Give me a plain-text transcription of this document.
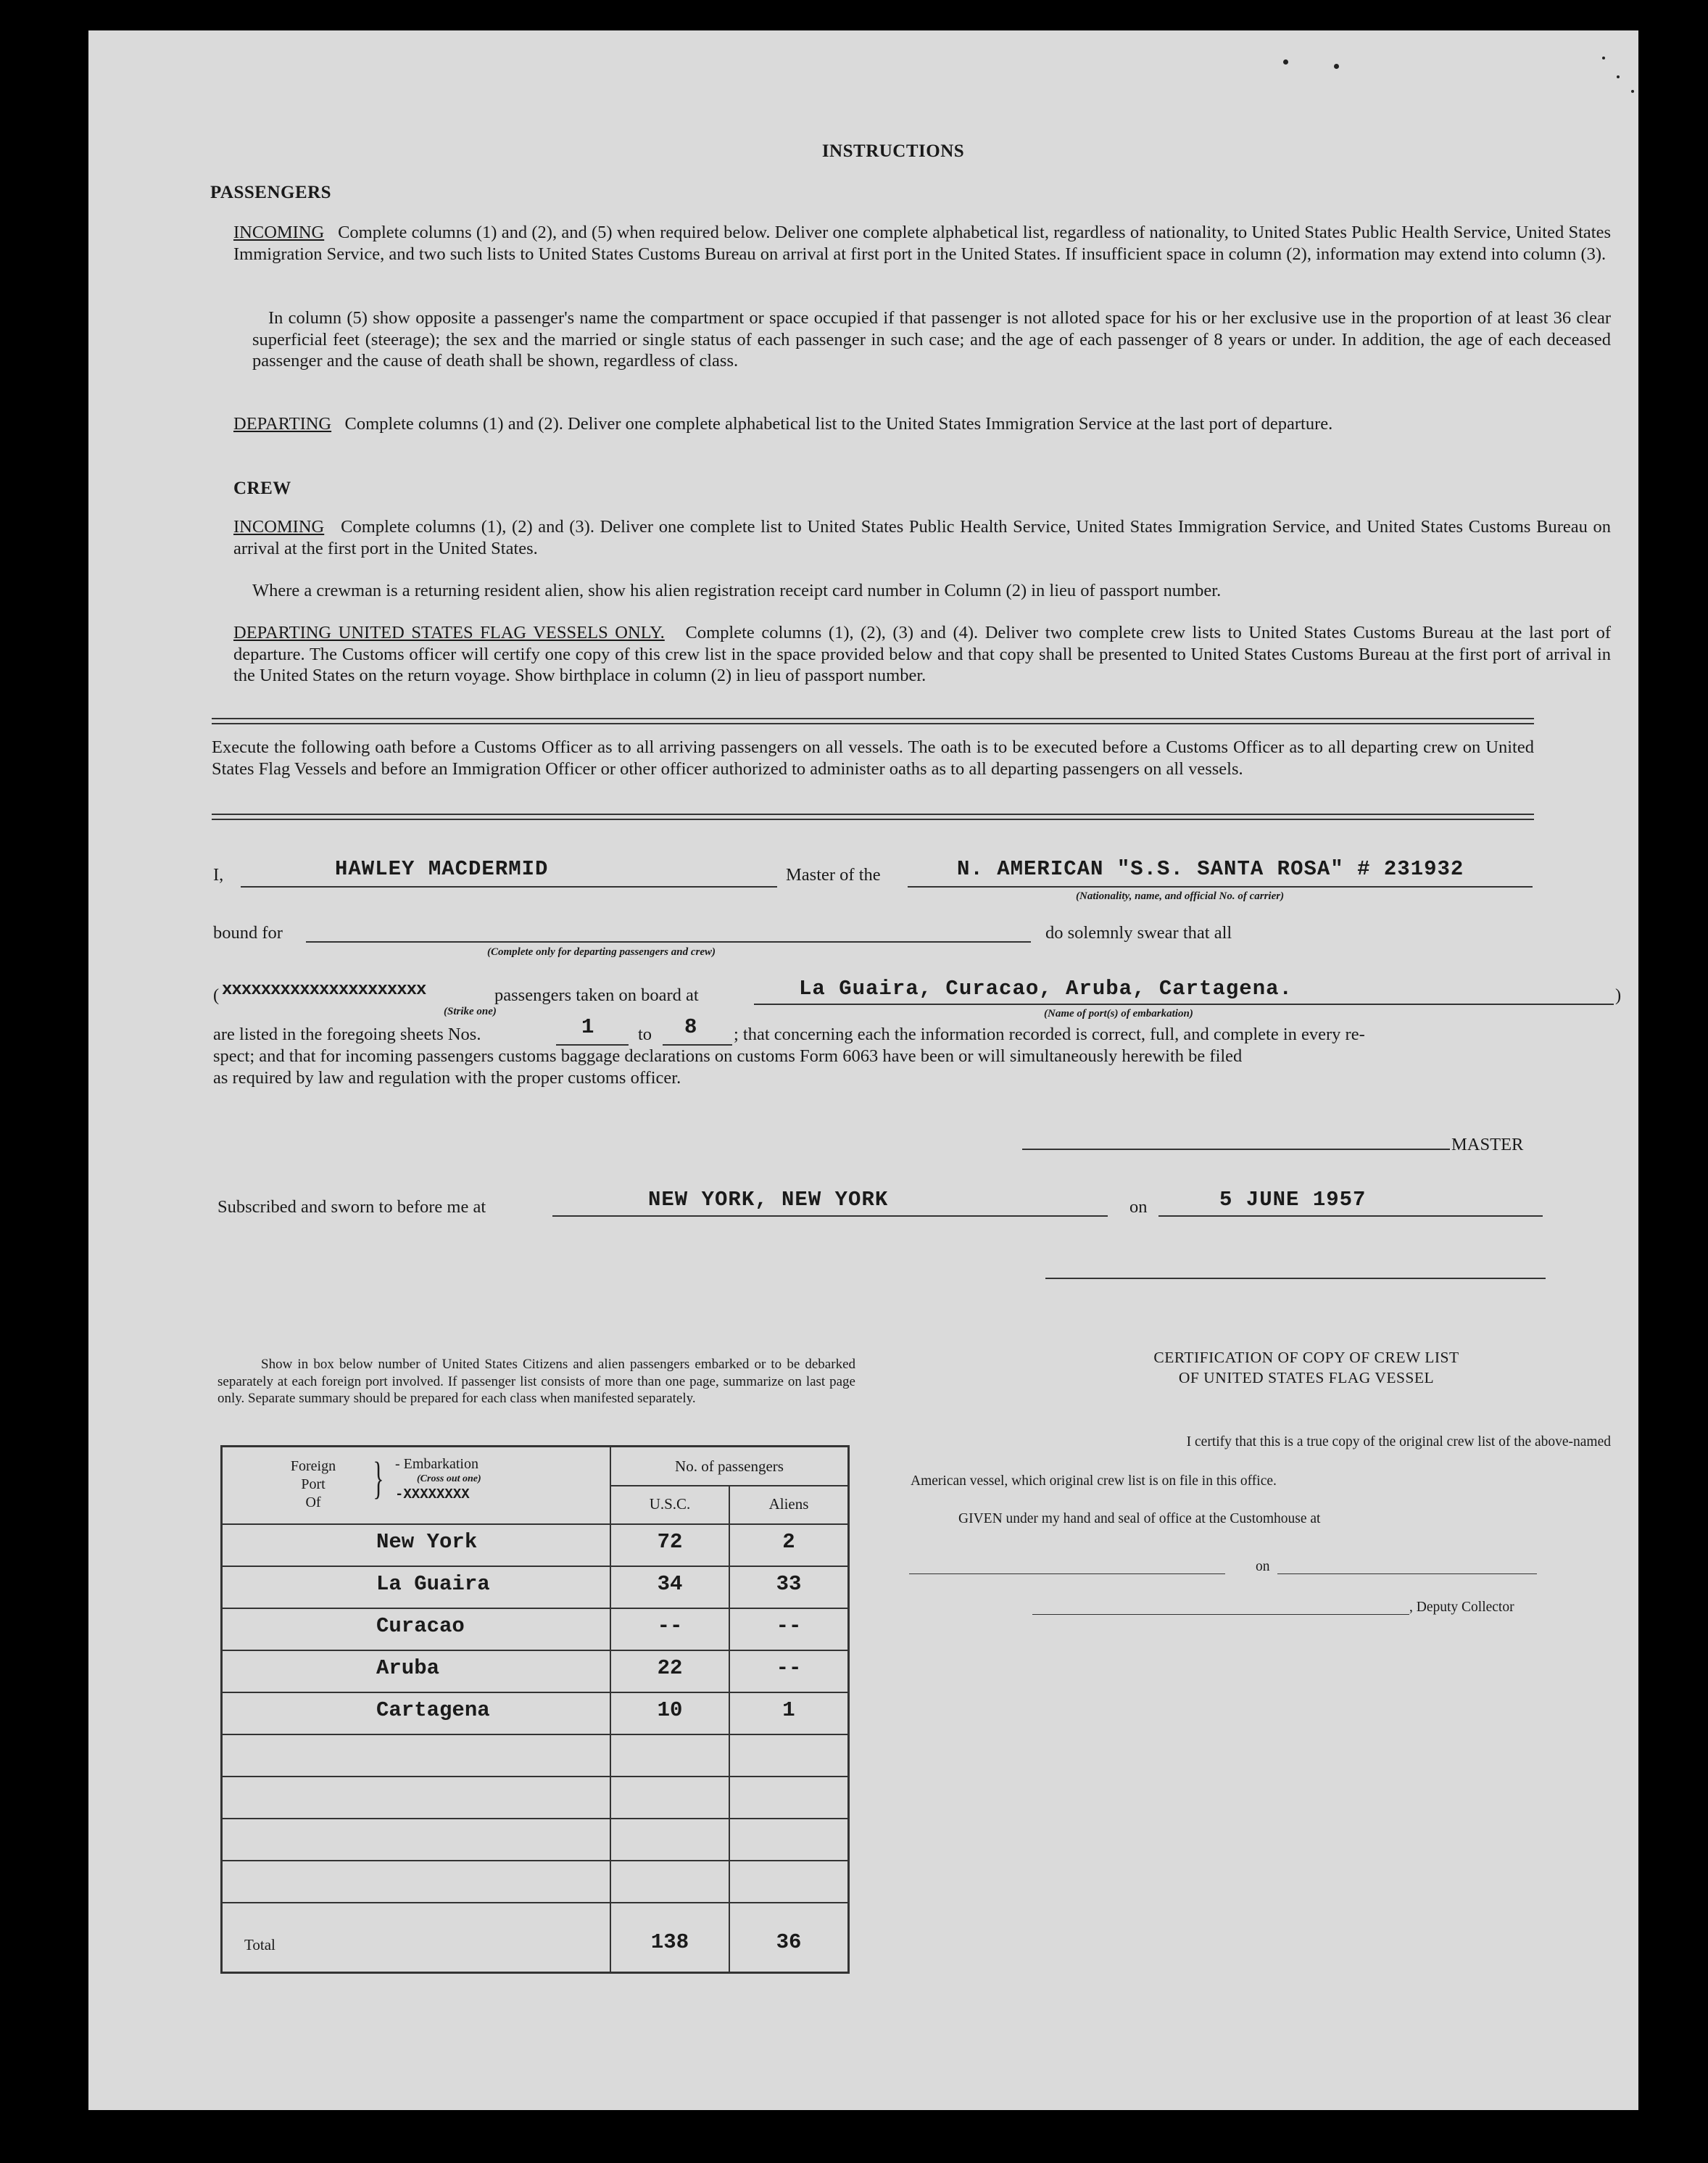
INSTRUCTIONS
PASSENGERS
INCOMING Complete columns (1) and (2), and (5) when required below. Deliver one complete alphabetical list, regardless of nationality, to United States Public Health Service, United States Immigration Service, and two such lists to United States Customs Bureau on arrival at first port in the United States. If insufficient space in column (2), information may extend into column (3).
In column (5) show opposite a passenger's name the compartment or space occupied if that passenger is not alloted space for his or her exclusive use in the proportion of at least 36 clear superficial feet (steerage); the sex and the married or single status of each passenger in such case; and the age of each passenger of 8 years or under. In addition, the age of each deceased passenger and the cause of death shall be shown, regardless of class.
DEPARTING Complete columns (1) and (2). Deliver one complete alphabetical list to the United States Immigration Service at the last port of departure.
CREW
INCOMING Complete columns (1), (2) and (3). Deliver one complete list to United States Public Health Service, United States Immigration Service, and United States Customs Bureau on arrival at the first port in the United States.
Where a crewman is a returning resident alien, show his alien registration receipt card number in Column (2) in lieu of passport number.
DEPARTING UNITED STATES FLAG VESSELS ONLY. Complete columns (1), (2), (3) and (4). Deliver two complete crew lists to United States Customs Bureau at the last port of departure. The Customs officer will certify one copy of this crew list in the space provided below and that copy shall be presented to United States Customs Bureau at the first port of arrival in the United States on the return voyage. Show birthplace in column (2) in lieu of passport number.
Execute the following oath before a Customs Officer as to all arriving passengers on all vessels. The oath is to be executed before a Customs Officer as to all departing crew on United States Flag Vessels and before an Immigration Officer or other officer authorized to administer oaths as to all departing passengers on all vessels.
I,	HAWLEY MACDERMID	Master of the	N. AMERICAN "S.S. SANTA ROSA" # 231932
(Nationality, name, and official No. of carrier)
bound for
(Complete only for departing passengers and crew)
do solemnly swear that all
( xxxxxxxxxxxxxxxxxxxxx
(Strike one)
passengers taken on board at	La Guaira, Curacao, Aruba, Cartagena.
(Name of port(s) of embarkation)
)
are listed in the foregoing sheets Nos.	1 to 8 ; that concerning each the information recorded is correct, full, and complete in every re-
spect; and that for incoming passengers customs baggage declarations on customs Form 6063 have been or will simultaneously herewith be filed
as required by law and regulation with the proper customs officer.
MASTER
Subscribed and sworn to before me at	NEW YORK, NEW YORK	on	5 JUNE 1957
Show in box below number of United States Citizens and alien passengers embarked or to be debarked separately at each foreign port involved. If passenger list consists of more than one page, summarize on last page only. Separate summary should be prepared for each class when manifested separately.
Foreign
Port
Of	} - Embarkation
(Cross out one)
-XXXXXXXX
No. of passengers
U.S.C.	Aliens
New York	72	2
La Guaira	34	33
Curacao	--	--
Aruba	22	--
Cartagena	10	1
Total	138	36
CERTIFICATION OF COPY OF CREW LIST
OF UNITED STATES FLAG VESSEL
I certify that this is a true copy of the original crew list of the above-named
American vessel, which original crew list is on file in this office.
GIVEN under my hand and seal of office at the Customhouse at
on
, Deputy Collector
